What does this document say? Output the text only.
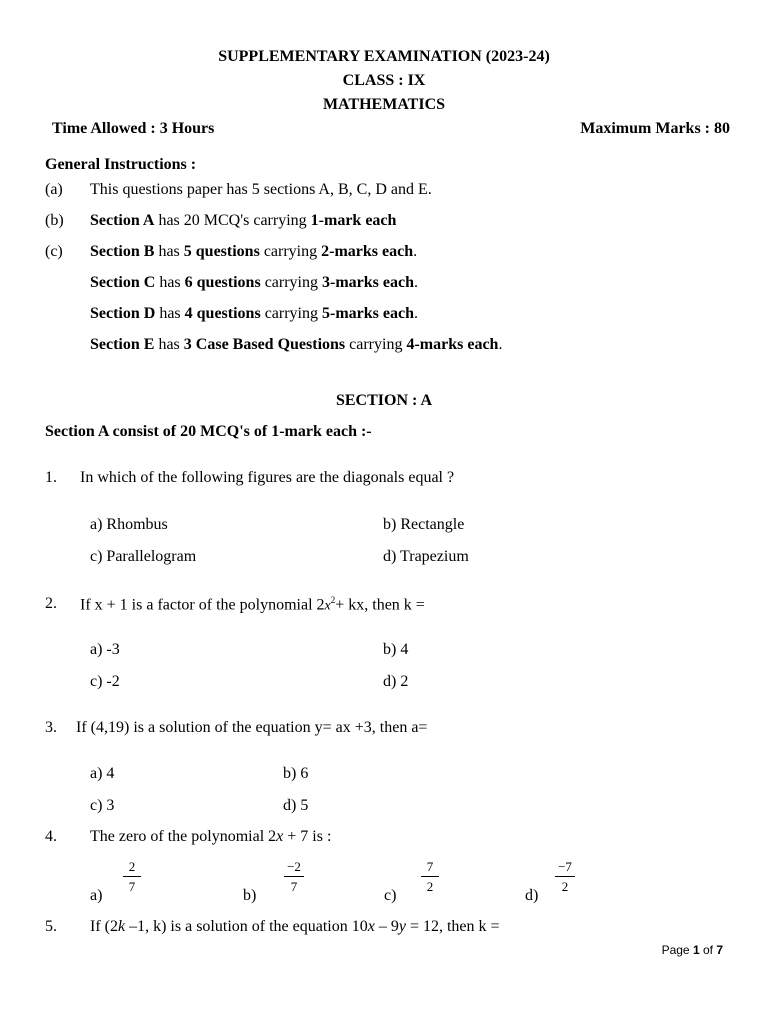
SUPPLEMENTARY EXAMINATION (2023-24)
CLASS : IX
MATHEMATICS
Time Allowed : 3 Hours	Maximum Marks : 80
General Instructions :
(a) This questions paper has 5 sections A, B, C, D and E.
(b) Section A has 20 MCQ's carrying 1-mark each
(c) Section B has 5 questions carrying 2-marks each.
Section C has 6 questions carrying 3-marks each.
Section D has 4 questions carrying 5-marks each.
Section E has 3 Case Based Questions carrying 4-marks each.
SECTION : A
Section A consist of 20 MCQ's of 1-mark each :-
1. In which of the following figures are the diagonals equal ?
a) Rhombus	b) Rectangle
c) Parallelogram	d) Trapezium
2. If x + 1 is a factor of the polynomial $2x^2+$ kx, then k =
a) -3	b) 4
c) -2	d) 2
3. If (4,19) is a solution of the equation y= ax +3, then a=
a) 4	b) 6
c) 3	d) 5
4. The zero of the polynomial 2x + 7 is :
a)
$\frac{2}{7}$
b)
$\frac{-2}{7}$
c)
$\frac{7}{2}$
d)
$\frac{-7}{2}$
5. If (2k –1, k) is a solution of the equation 10x – 9y = 12, then k =
Page 1 of 7
